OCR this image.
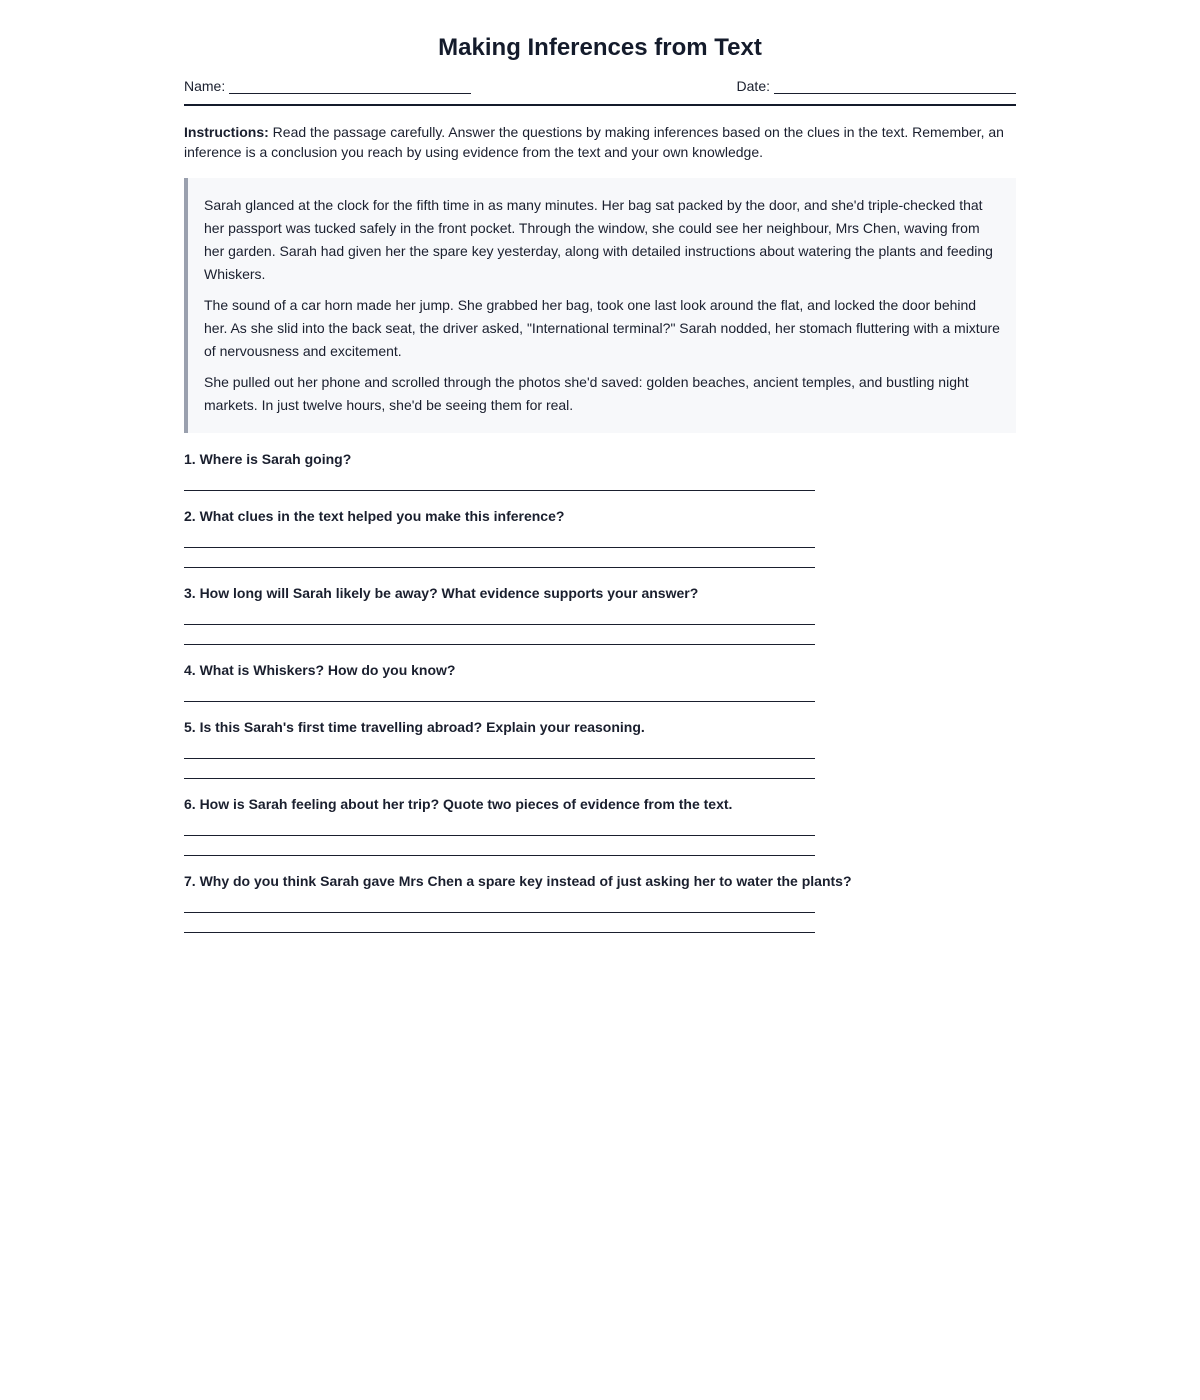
Making Inferences from Text
Name:	Date:
Instructions: Read the passage carefully. Answer the questions by making inferences based on the clues in the text. Remember, an inference is a conclusion you reach by using evidence from the text and your own knowledge.

Sarah glanced at the clock for the fifth time in as many minutes. Her bag sat packed by the door, and she'd triple-checked that her passport was tucked safely in the front pocket. Through the window, she could see her neighbour, Mrs Chen, waving from her garden. Sarah had given her the spare key yesterday, along with detailed instructions about watering the plants and feeding Whiskers.

The sound of a car horn made her jump. She grabbed her bag, took one last look around the flat, and locked the door behind her. As she slid into the back seat, the driver asked, "International terminal?" Sarah nodded, her stomach fluttering with a mixture of nervousness and excitement.

She pulled out her phone and scrolled through the photos she'd saved: golden beaches, ancient temples, and bustling night markets. In just twelve hours, she'd be seeing them for real.

1. Where is Sarah going?
2. What clues in the text helped you make this inference?
3. How long will Sarah likely be away? What evidence supports your answer?
4. What is Whiskers? How do you know?
5. Is this Sarah's first time travelling abroad? Explain your reasoning.
6. How is Sarah feeling about her trip? Quote two pieces of evidence from the text.
7. Why do you think Sarah gave Mrs Chen a spare key instead of just asking her to water the plants?
